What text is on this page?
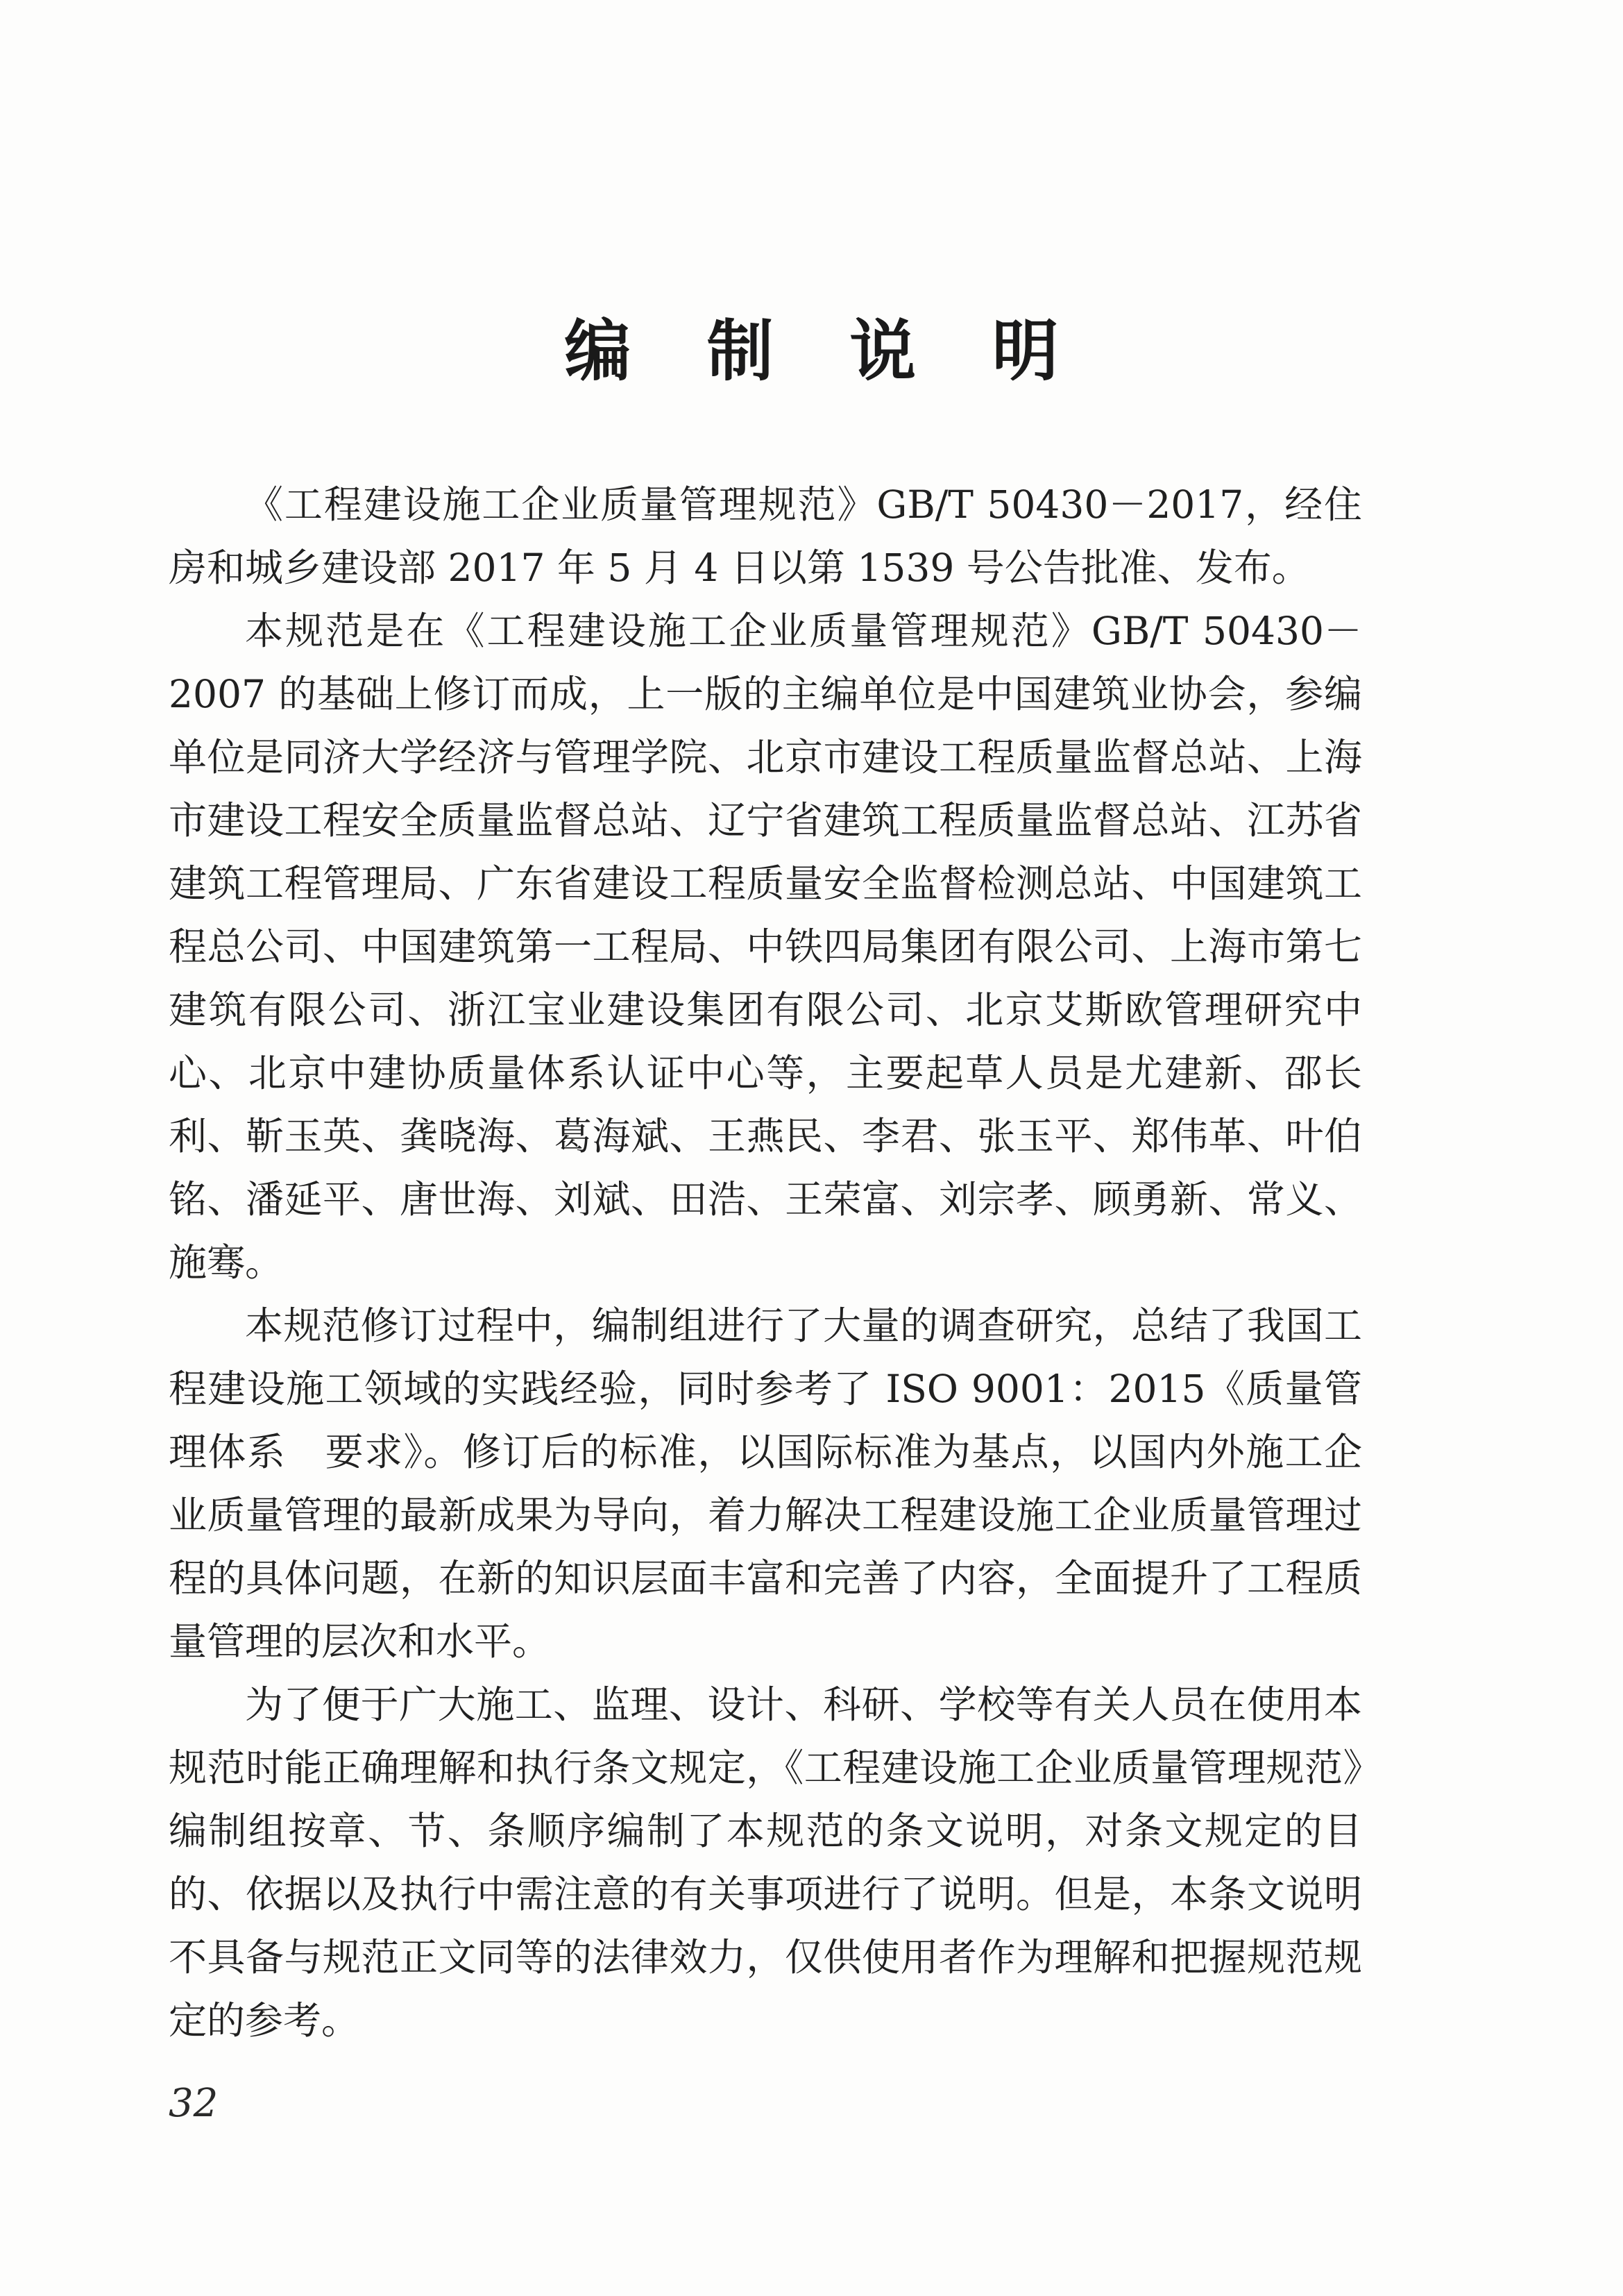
编 制 说 明

《工程建设施工企业质量管理规范》GB/T 50430－2017，经住房和城乡建设部 2017 年 5 月 4 日以第 1539 号公告批准、发布。

本规范是在《工程建设施工企业质量管理规范》GB/T 50430－2007 的基础上修订而成，上一版的主编单位是中国建筑业协会，参编单位是同济大学经济与管理学院、北京市建设工程质量监督总站、上海市建设工程安全质量监督总站、辽宁省建筑工程质量监督总站、江苏省建筑工程管理局、广东省建设工程质量安全监督检测总站、中国建筑工程总公司、中国建筑第一工程局、中铁四局集团有限公司、上海市第七建筑有限公司、浙江宝业建设集团有限公司、北京艾斯欧管理研究中心、北京中建协质量体系认证中心等，主要起草人员是尤建新、邵长利、靳玉英、龚晓海、葛海斌、王燕民、李君、张玉平、郑伟革、叶伯铭、潘延平、唐世海、刘斌、田浩、王荣富、刘宗孝、顾勇新、常义、施骞。

本规范修订过程中，编制组进行了大量的调查研究，总结了我国工程建设施工领域的实践经验，同时参考了 ISO 9001：2015《质量管理体系　要求》。修订后的标准，以国际标准为基点，以国内外施工企业质量管理的最新成果为导向，着力解决工程建设施工企业质量管理过程的具体问题，在新的知识层面丰富和完善了内容，全面提升了工程质量管理的层次和水平。

为了便于广大施工、监理、设计、科研、学校等有关人员在使用本规范时能正确理解和执行条文规定，《工程建设施工企业质量管理规范》编制组按章、节、条顺序编制了本规范的条文说明，对条文规定的目的、依据以及执行中需注意的有关事项进行了说明。但是，本条文说明不具备与规范正文同等的法律效力，仅供使用者作为理解和把握规范规定的参考。

32
